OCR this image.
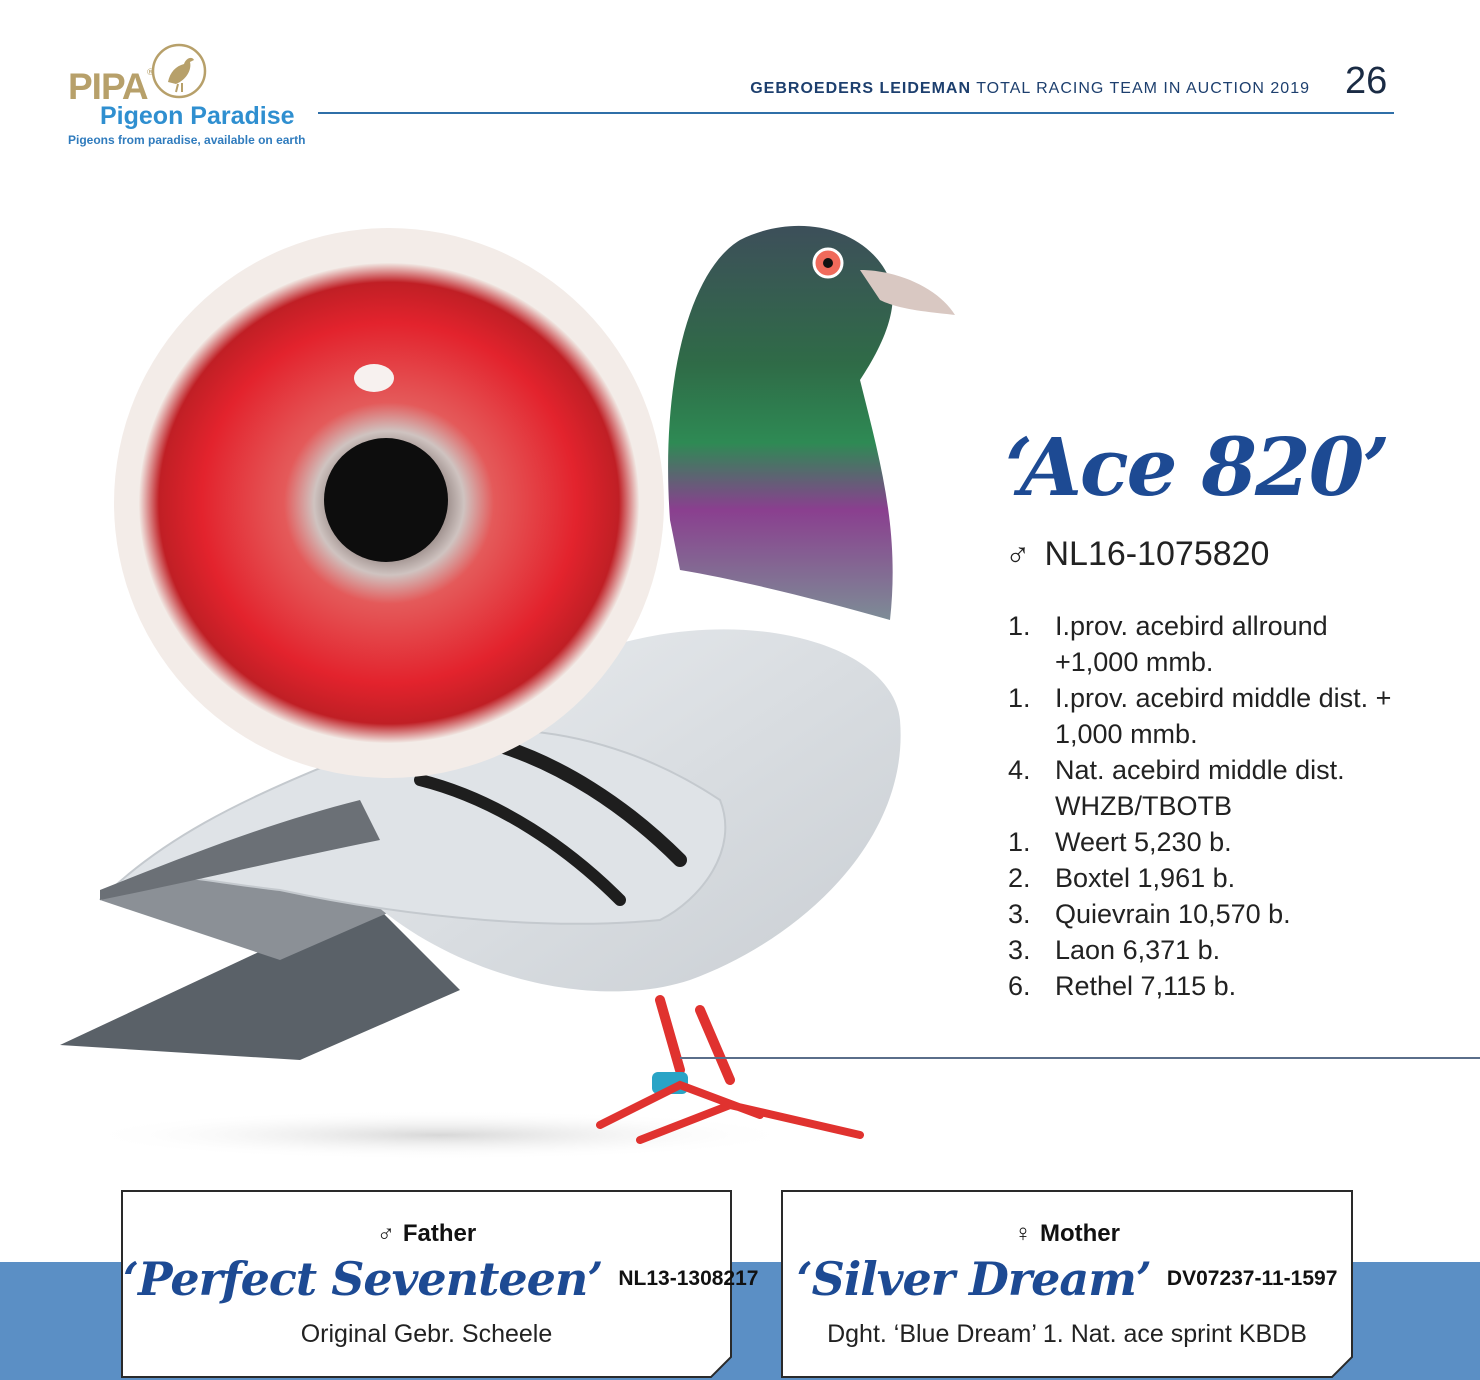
PIPA
®
Pigeon Paradise
Pigeons from paradise, available on earth
GEBROEDERS LEIDEMAN TOTAL RACING TEAM IN AUCTION 2019 26
‘Ace 820’
♂ NL16-1075820
1. I.prov. acebird allround +1,000 mmb.
1. I.prov. acebird middle dist. + 1,000 mmb.
4. Nat. acebird middle dist. WHZB/TBOTB
1. Weert 5,230 b.
2. Boxtel 1,961 b.
3. Quievrain 10,570 b.
3. Laon 6,371 b.
6. Rethel 7,115 b.
♂ Father
‘Perfect Seventeen’ NL13-1308217
Original Gebr. Scheele
♀ Mother
‘Silver Dream’ DV07237-11-1597
Dght. ‘Blue Dream’ 1. Nat. ace sprint KBDB
